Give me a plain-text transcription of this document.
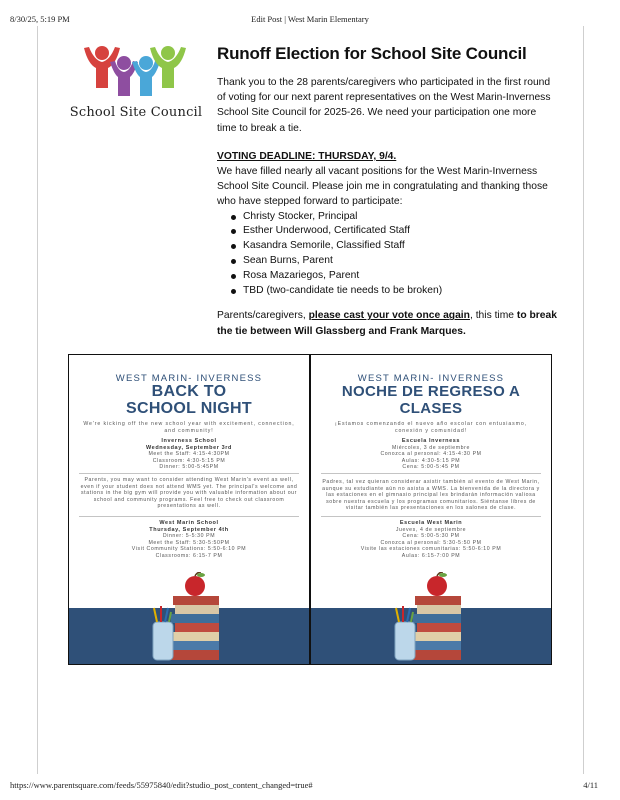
8/30/25, 5:19 PM	Edit Post | West Marin Elementary
School Site Council
Runoff Election for School Site Council

Thank you to the 28 parents/caregivers who participated in the first round of voting for our next parent representatives on the West Marin-Inverness School Site Council for 2025-26. We need your participation one more time to break a tie.

VOTING DEADLINE: THURSDAY, 9/4.

We have filled nearly all vacant positions for the West Marin-Inverness School Site Council. Please join me in congratulating and thanking those who have stepped forward to participate:

Christy Stocker, Principal
Esther Underwood, Certificated Staff
Kasandra Semorile, Classified Staff
Sean Burns, Parent
Rosa Mazariegos, Parent
TBD (two-candidate tie needs to be broken)

Parents/caregivers, please cast your vote once again, this time to break the tie between Will Glassberg and Frank Marques.

WEST MARIN- INVERNESS
BACK TO
SCHOOL NIGHT
We're kicking off the new school year with excitement, connection, and community!
Inverness School
Wednesday, September 3rd
Meet the Staff: 4:15-4:30PM
Classroom: 4:30-5:15 PM
Dinner: 5:00-5:45PM
Parents, you may want to consider attending West Marin's event as well, even if your student does not attend WMS yet. The principal's welcome and stations in the big gym will provide you with valuable information about our school and community programs. Feel free to check out classroom presentations as well.
West Marin School
Thursday, September 4th
Dinner: 5-5:30 PM
Meet the Staff: 5:30-5:50PM
Visit Community Stations: 5:50-6:10 PM
Classrooms: 6:15-7 PM
WEST MARIN- INVERNESS
NOCHE DE REGRESO A
CLASES
¡Estamos comenzando el nuevo año escolar con entusiasmo, conexión y comunidad!
Escuela Inverness
Miércoles, 3 de septiembre
Conozca al personal: 4:15-4:30 PM
Aulas: 4:30-5:15 PM
Cena: 5:00-5:45 PM
Padres, tal vez quieran considerar asistir también al evento de West Marin, aunque su estudiante aún no asista a WMS. La bienvenida de la directora y las estaciones en el gimnasio principal les brindarán información valiosa sobre nuestra escuela y los programas comunitarios. Siéntanse libres de visitar también las presentaciones en los salones de clase.
Escuela West Marin
Jueves, 4 de septiembre
Cena: 5:00-5:30 PM
Conozca al personal: 5:30-5:50 PM
Visite las estaciones comunitarias: 5:50-6:10 PM
Aulas: 6:15-7:00 PM
https://www.parentsquare.com/feeds/55975840/edit?studio_post_content_changed=true#	4/11
